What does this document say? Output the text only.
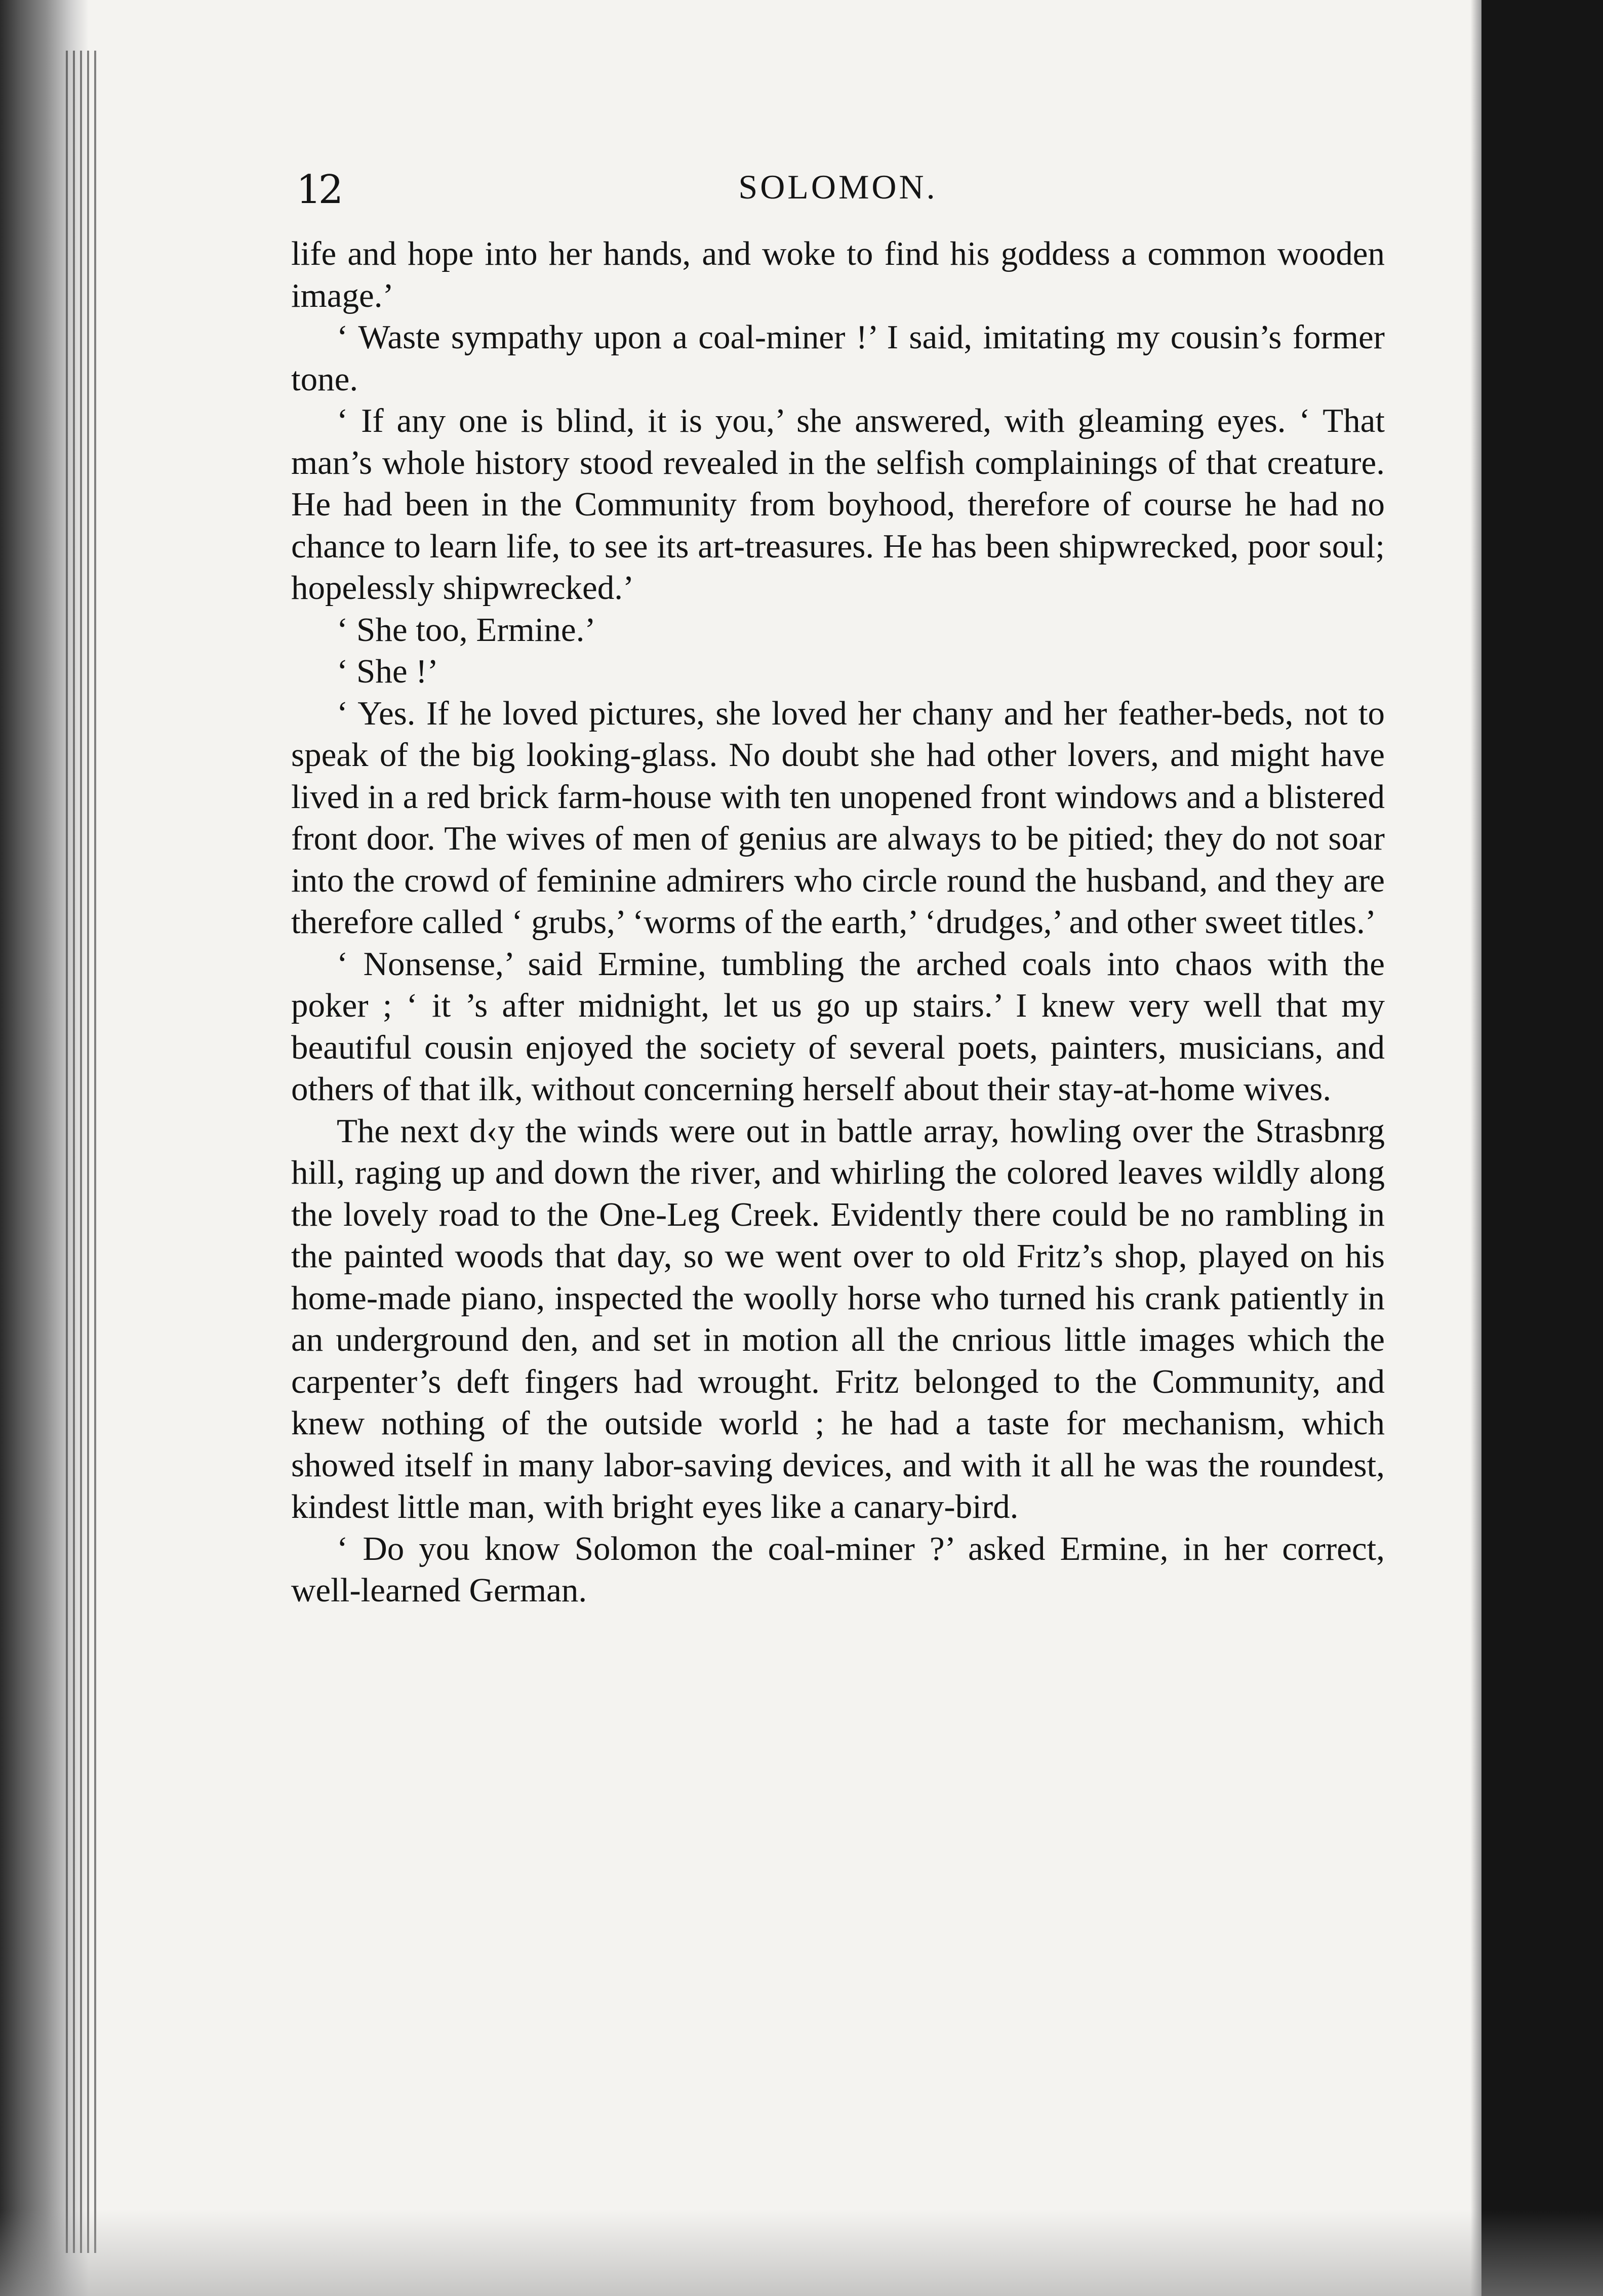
12	SOLOMON.

life and hope into her hands, and woke to find his goddess a common wooden image.’

‘ Waste sympathy upon a coal-miner !’ I said, imitating my cousin’s former tone.

‘ If any one is blind, it is you,’ she answered, with gleaming eyes. ‘ That man’s whole history stood revealed in the selfish complainings of that creature. He had been in the Community from boyhood, therefore of course he had no chance to learn life, to see its art-treasures. He has been shipwrecked, poor soul; hopelessly shipwrecked.’

‘ She too, Ermine.’

‘ She !’

‘ Yes. If he loved pictures, she loved her chany and her feather-beds, not to speak of the big looking-glass. No doubt she had other lovers, and might have lived in a red brick farm-house with ten unopened front windows and a blistered front door. The wives of men of genius are always to be pitied; they do not soar into the crowd of feminine admirers who circle round the husband, and they are therefore called ‘ grubs,’ ‘worms of the earth,’ ‘drudges,’ and other sweet titles.’

‘ Nonsense,’ said Ermine, tumbling the arched coals into chaos with the poker ; ‘ it ’s after midnight, let us go up stairs.’ I knew very well that my beautiful cousin enjoyed the society of several poets, painters, musicians, and others of that ilk, without concerning herself about their stay-at-home wives.

The next d‹y the winds were out in battle array, howling over the Strasbnrg hill, raging up and down the river, and whirling the colored leaves wildly along the lovely road to the One-Leg Creek. Evidently there could be no rambling in the painted woods that day, so we went over to old Fritz’s shop, played on his home-made piano, inspected the woolly horse who turned his crank patiently in an underground den, and set in motion all the cnrious little images which the carpenter’s deft fingers had wrought. Fritz belonged to the Community, and knew nothing of the outside world ; he had a taste for mechanism, which showed itself in many labor-saving devices, and with it all he was the roundest, kindest little man, with bright eyes like a canary-bird.

‘ Do you know Solomon the coal-miner ?’ asked Ermine, in her correct, well-learned German.
